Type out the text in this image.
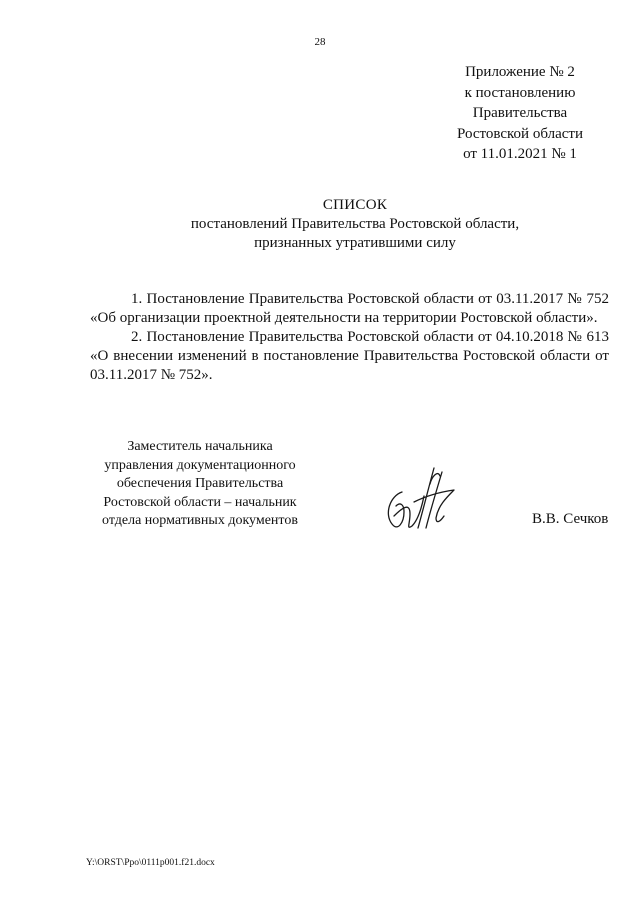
28
Приложение № 2
к постановлению
Правительства
Ростовской области
от 11.01.2021 № 1
СПИСОК
постановлений Правительства Ростовской области,
признанных утратившими силу
1. Постановление Правительства Ростовской области от 03.11.2017 № 752 «Об организации проектной деятельности на территории Ростовской области».
2. Постановление Правительства Ростовской области от 04.10.2018 № 613 «О внесении изменений в постановление Правительства Ростовской области от 03.11.2017 № 752».
Заместитель начальника
управления документационного
обеспечения Правительства
Ростовской области – начальник
отдела нормативных документов	В.В. Сечков
Y:\ORST\Ppo\0111p001.f21.docx
